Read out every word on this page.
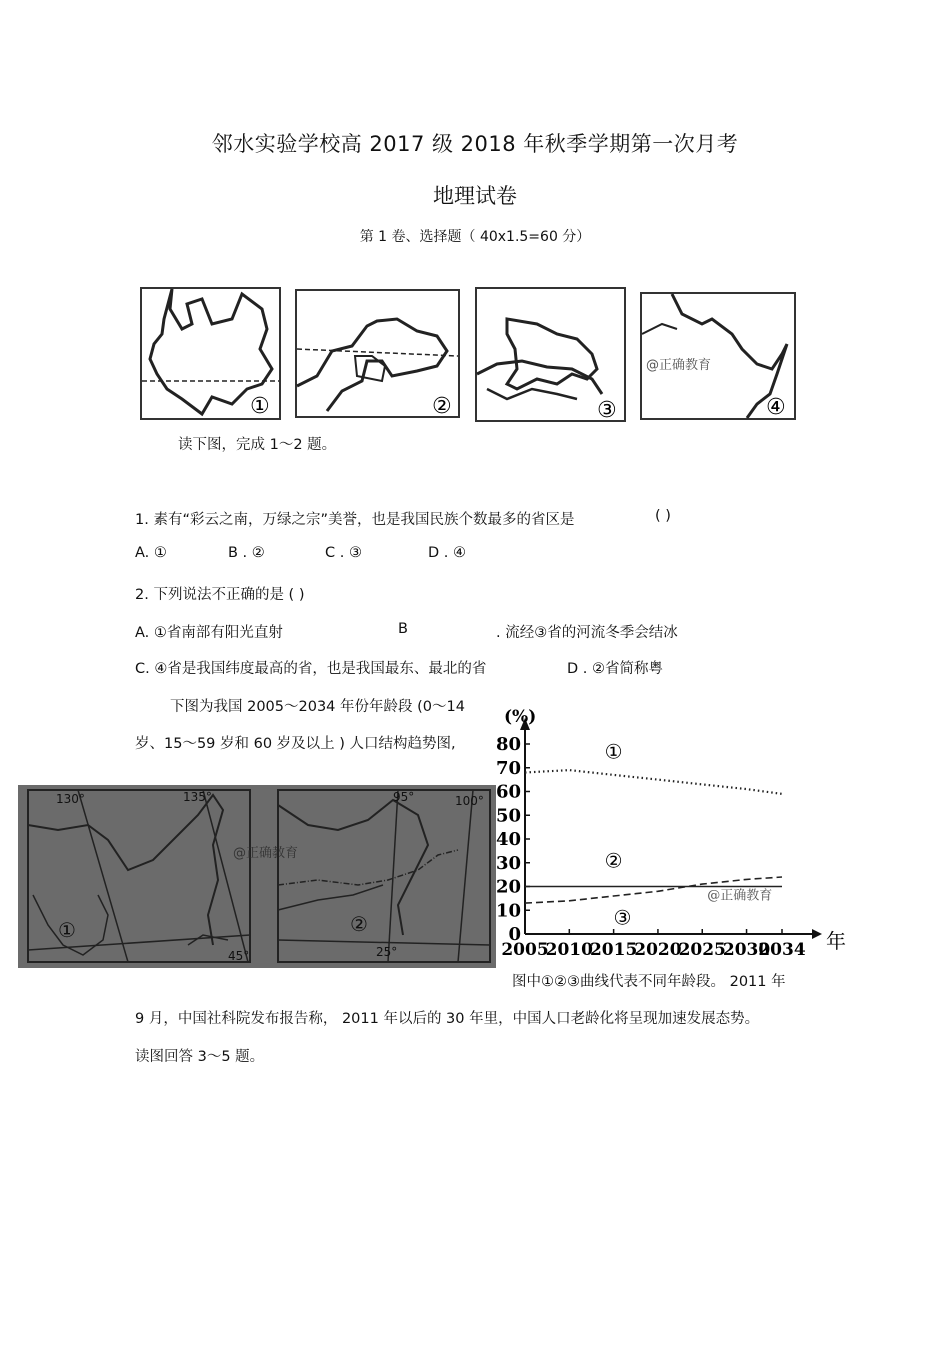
邻水实验学校高 2017 级 2018 年秋季学期第一次月考
地理试卷
第 1 卷、选择题（ 40x1.5=60 分）
①	②	③
@正确教育
④
读下图，完成 1～2 题。
1. 素有“彩云之南，万绿之宗”美誉，也是我国民族个数最多的省区是	( )
A. ①	B . ②	C . ③	D . ④
2. 下列说法不正确的是 ( )
A. ①省南部有阳光直射	B	. 流经③省的河流冬季会结冰
C. ④省是我国纬度最高的省，也是我国最东、最北的省	D . ②省简称粤
下图为我国 2005～2034 年份年龄段 (0～14
岁、15～59 岁和 60 岁及以上 ) 人口结构趋势图,
130°	135°
45°
①
@正确教育
95°	100°
25°
②	0
10
20
30
40
50
60
70
80
2005
2010
2015
2020
2025
2030
2034
(%)
年
①
②
③
@正确教育
图中①②③曲线代表不同年龄段。 2011 年
9 月，中国社科院发布报告称， 2011 年以后的 30 年里，中国人口老龄化将呈现加速发展态势。
读图回答 3～5 题。
